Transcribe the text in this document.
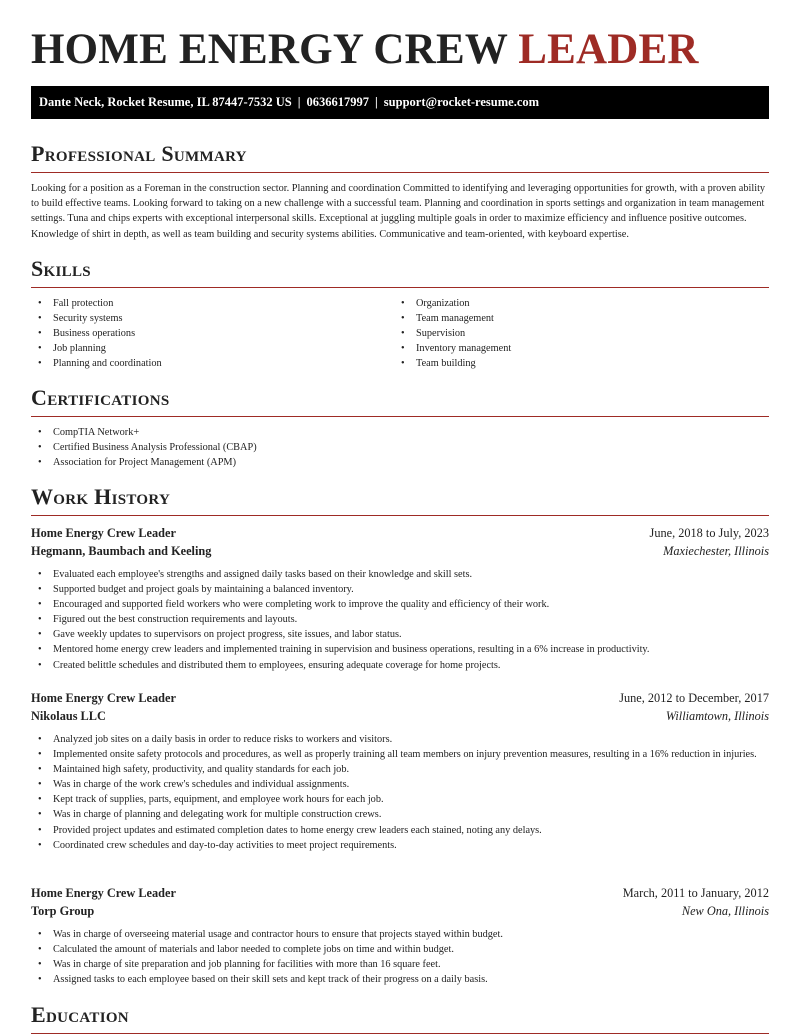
HOME ENERGY CREW LEADER
Dante Neck, Rocket Resume, IL 87447-7532 US | 0636617997 | support@rocket-resume.com
Professional Summary

Looking for a position as a Foreman in the construction sector. Planning and coordination Committed to identifying and leveraging opportunities for growth, with a proven ability to build effective teams. Looking forward to taking on a new challenge with a successful team. Planning and coordination in sports settings and organization in team management settings. Tuna and chips experts with exceptional interpersonal skills. Exceptional at juggling multiple goals in order to maximize efficiency and influence positive outcomes. Knowledge of shirt in depth, as well as team building and security systems abilities. Communicative and team-oriented, with keyboard expertise.

Skills
• Fall protection
• Security systems
• Business operations
• Job planning
• Planning and coordination
• Organization
• Team management
• Supervision
• Inventory management
• Team building
Certifications
• CompTIA Network+
• Certified Business Analysis Professional (CBAP)
• Association for Project Management (APM)
Work History
Home Energy Crew Leader	June, 2018 to July, 2023
Hegmann, Baumbach and Keeling	Maxiechester, Illinois
• Evaluated each employee's strengths and assigned daily tasks based on their knowledge and skill sets.
• Supported budget and project goals by maintaining a balanced inventory.
• Encouraged and supported field workers who were completing work to improve the quality and efficiency of their work.
• Figured out the best construction requirements and layouts.
• Gave weekly updates to supervisors on project progress, site issues, and labor status.
• Mentored home energy crew leaders and implemented training in supervision and business operations, resulting in a 6% increase in productivity.
• Created belittle schedules and distributed them to employees, ensuring adequate coverage for home projects.
Home Energy Crew Leader	June, 2012 to December, 2017
Nikolaus LLC	Williamtown, Illinois
• Analyzed job sites on a daily basis in order to reduce risks to workers and visitors.
• Implemented onsite safety protocols and procedures, as well as properly training all team members on injury prevention measures, resulting in a 16% reduction in injuries.
• Maintained high safety, productivity, and quality standards for each job.
• Was in charge of the work crew's schedules and individual assignments.
• Kept track of supplies, parts, equipment, and employee work hours for each job.
• Was in charge of planning and delegating work for multiple construction crews.
• Provided project updates and estimated completion dates to home energy crew leaders each stained, noting any delays.
• Coordinated crew schedules and day-to-day activities to meet project requirements.
Home Energy Crew Leader	March, 2011 to January, 2012
Torp Group	New Ona, Illinois
• Was in charge of overseeing material usage and contractor hours to ensure that projects stayed within budget.
• Calculated the amount of materials and labor needed to complete jobs on time and within budget.
• Was in charge of site preparation and job planning for facilities with more than 16 square feet.
• Assigned tasks to each employee based on their skill sets and kept track of their progress on a daily basis.
Education
